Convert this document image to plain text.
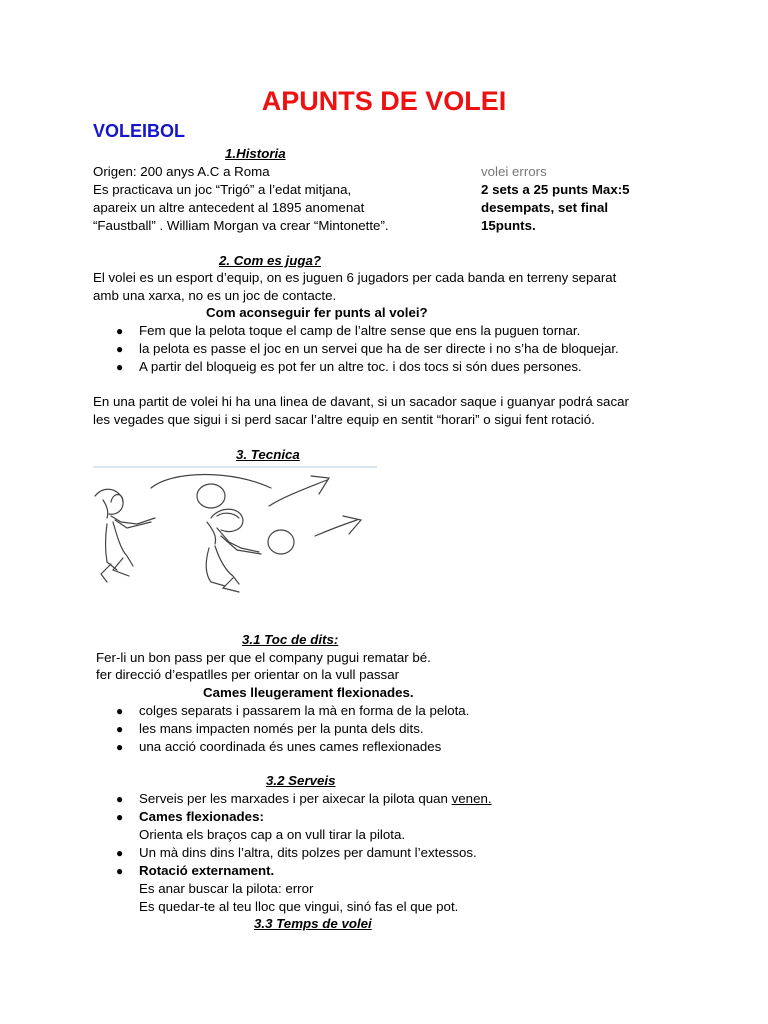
APUNTS DE VOLEI
VOLEIBOL
1.Historia
Origen: 200 anys A.C a Roma
Es practicava un joc “Trigó” a l’edat mitjana,
apareix un altre antecedent al 1895 anomenat
“Faustball” . William Morgan va crear “Mintonette”.
volei errors
2 sets a 25 punts Max:5
desempats, set final
15punts.
2. Com es juga?
El volei es un esport d’equip, on es juguen 6 jugadors per cada banda en terreny separat
amb una xarxa, no es un joc de contacte.
Com aconseguir fer punts al volei?
● Fem que la pelota toque el camp de l’altre sense que ens la puguen tornar.
● la pelota es passe el joc en un servei que ha de ser directe i no s’ha de bloquejar.
● A partir del bloqueig es pot fer un altre toc. i dos tocs si són dues persones.
En una partit de volei hi ha una linea de davant, si un sacador saque i guanyar podrá sacar
les vegades que sigui i si perd sacar l’altre equip en sentit “horari” o sigui fent rotació.
3. Tecnica
3.1 Toc de dits:
Fer-li un bon pass per que el company pugui rematar bé.
fer direcció d’espatlles per orientar on la vull passar
Cames lleugerament flexionades.
● colges separats i passarem la mà en forma de la pelota.
● les mans impacten només per la punta dels dits.
● una acció coordinada és unes cames reflexionades
3.2 Serveis
● Serveis per les marxades i per aixecar la pilota quan venen.
● Cames flexionades:
Orienta els braços cap a on vull tirar la pilota.
● Un mà dins dins l’altra, dits polzes per damunt l’extessos.
● Rotació externament.
Es anar buscar la pilota: error
Es quedar-te al teu lloc que vingui, sinó fas el que pot.
3.3 Temps de volei
